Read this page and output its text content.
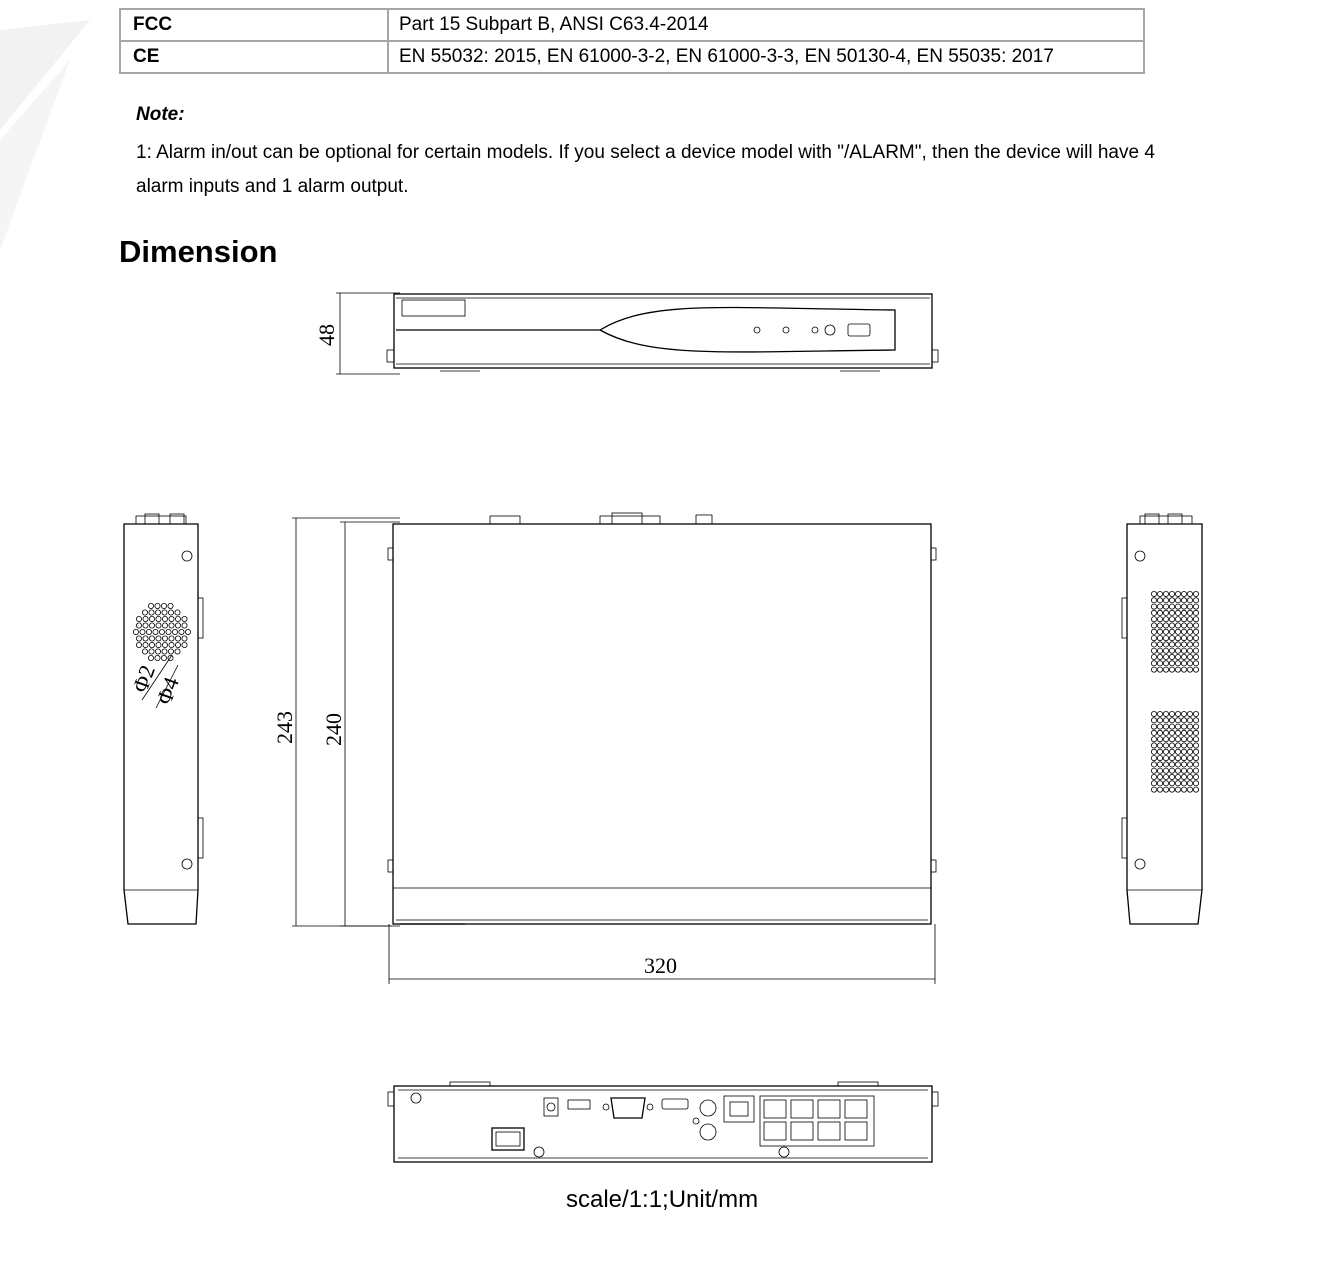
FCC	Part 15 Subpart B, ANSI C63.4-2014
CE	EN 55032: 2015, EN 61000-3-2, EN 61000-3-3, EN 50130-4, EN 55035: 2017

Note:

1: Alarm in/out can be optional for certain models. If you select a device model with "/ALARM", then the device will have 4 alarm inputs and 1 alarm output.

Dimension
48
Φ2
Φ4
243 240
320

scale/1:1;Unit/mm
